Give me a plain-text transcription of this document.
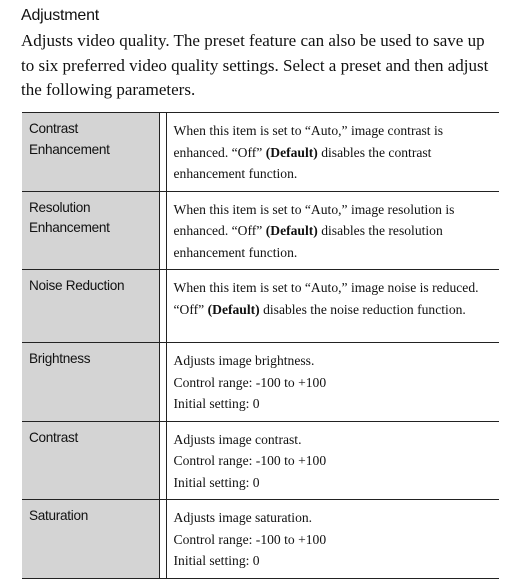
Adjustment

Adjusts video quality. The preset feature can also be used to save up to six preferred video quality settings. Select a preset and then adjust the following parameters.

Contrast Enhancement		When this item is set to “Auto,” image contrast is enhanced. “Off” (Default) disables the contrast enhancement function.

Resolution Enhancement		When this item is set to “Auto,” image resolution is enhanced. “Off” (Default) disables the resolution enhancement function.

Noise Reduction		When this item is set to “Auto,” image noise is reduced. “Off” (Default) disables the noise reduction function.

Brightness		Adjusts image brightness.
Control range: -100 to +100
Initial setting: 0

Contrast		Adjusts image contrast.
Control range: -100 to +100
Initial setting: 0

Saturation		Adjusts image saturation.
Control range: -100 to +100
Initial setting: 0
